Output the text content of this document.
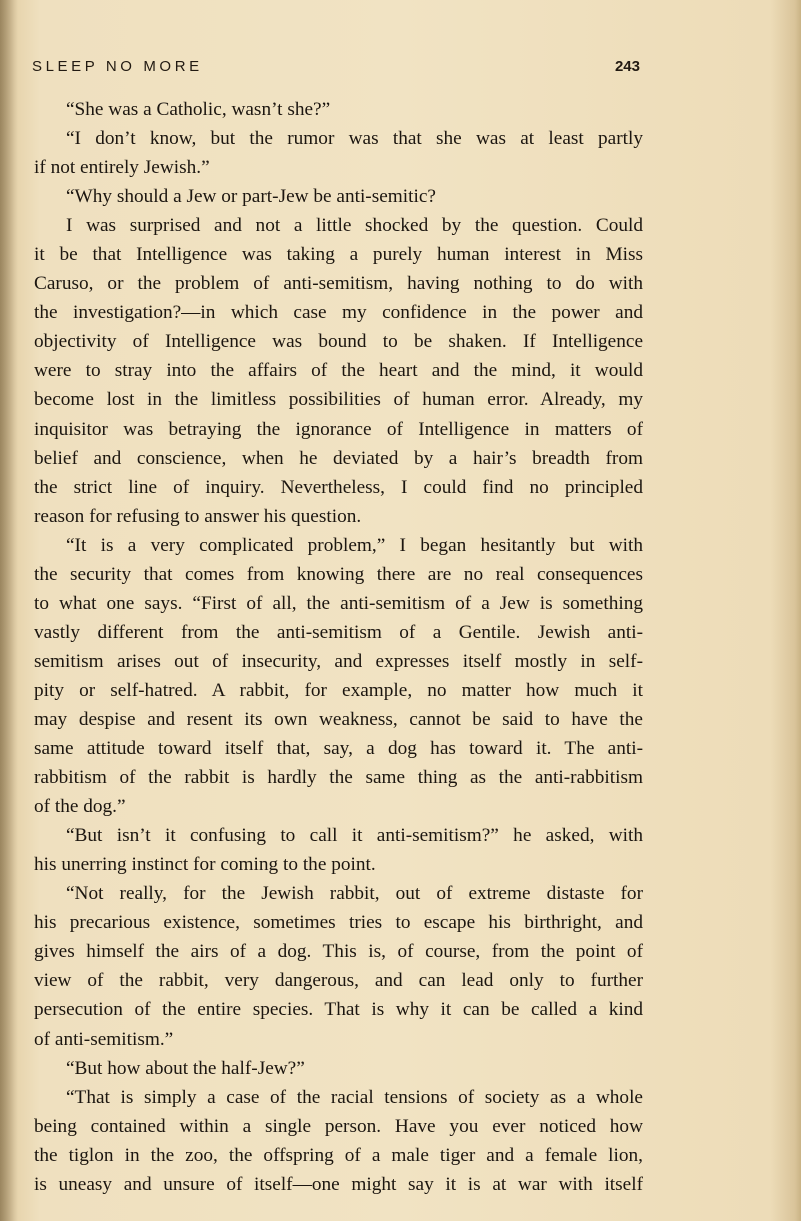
SLEEP NO MORE	243
“She was a Catholic, wasn’t she?”
“I don’t know, but the rumor was that she was at least partly
if not entirely Jewish.”
“Why should a Jew or part-Jew be anti-semitic?
I was surprised and not a little shocked by the question. Could
it be that Intelligence was taking a purely human interest in Miss
Caruso, or the problem of anti-semitism, having nothing to do with
the investigation?—in which case my confidence in the power and
objectivity of Intelligence was bound to be shaken. If Intelligence
were to stray into the affairs of the heart and the mind, it would
become lost in the limitless possibilities of human error. Already, my
inquisitor was betraying the ignorance of Intelligence in matters of
belief and conscience, when he deviated by a hair’s breadth from
the strict line of inquiry. Nevertheless, I could find no principled
reason for refusing to answer his question.
“It is a very complicated problem,” I began hesitantly but with
the security that comes from knowing there are no real consequences
to what one says. “First of all, the anti-semitism of a Jew is something
vastly different from the anti-semitism of a Gentile. Jewish anti-
semitism arises out of insecurity, and expresses itself mostly in self-
pity or self-hatred. A rabbit, for example, no matter how much it
may despise and resent its own weakness, cannot be said to have the
same attitude toward itself that, say, a dog has toward it. The anti-
rabbitism of the rabbit is hardly the same thing as the anti-rabbitism
of the dog.”
“But isn’t it confusing to call it anti-semitism?” he asked, with
his unerring instinct for coming to the point.
“Not really, for the Jewish rabbit, out of extreme distaste for
his precarious existence, sometimes tries to escape his birthright, and
gives himself the airs of a dog. This is, of course, from the point of
view of the rabbit, very dangerous, and can lead only to further
persecution of the entire species. That is why it can be called a kind
of anti-semitism.”
“But how about the half-Jew?”
“That is simply a case of the racial tensions of society as a whole
being contained within a single person. Have you ever noticed how
the tiglon in the zoo, the offspring of a male tiger and a female lion,
is uneasy and unsure of itself—one might say it is at war with itself
